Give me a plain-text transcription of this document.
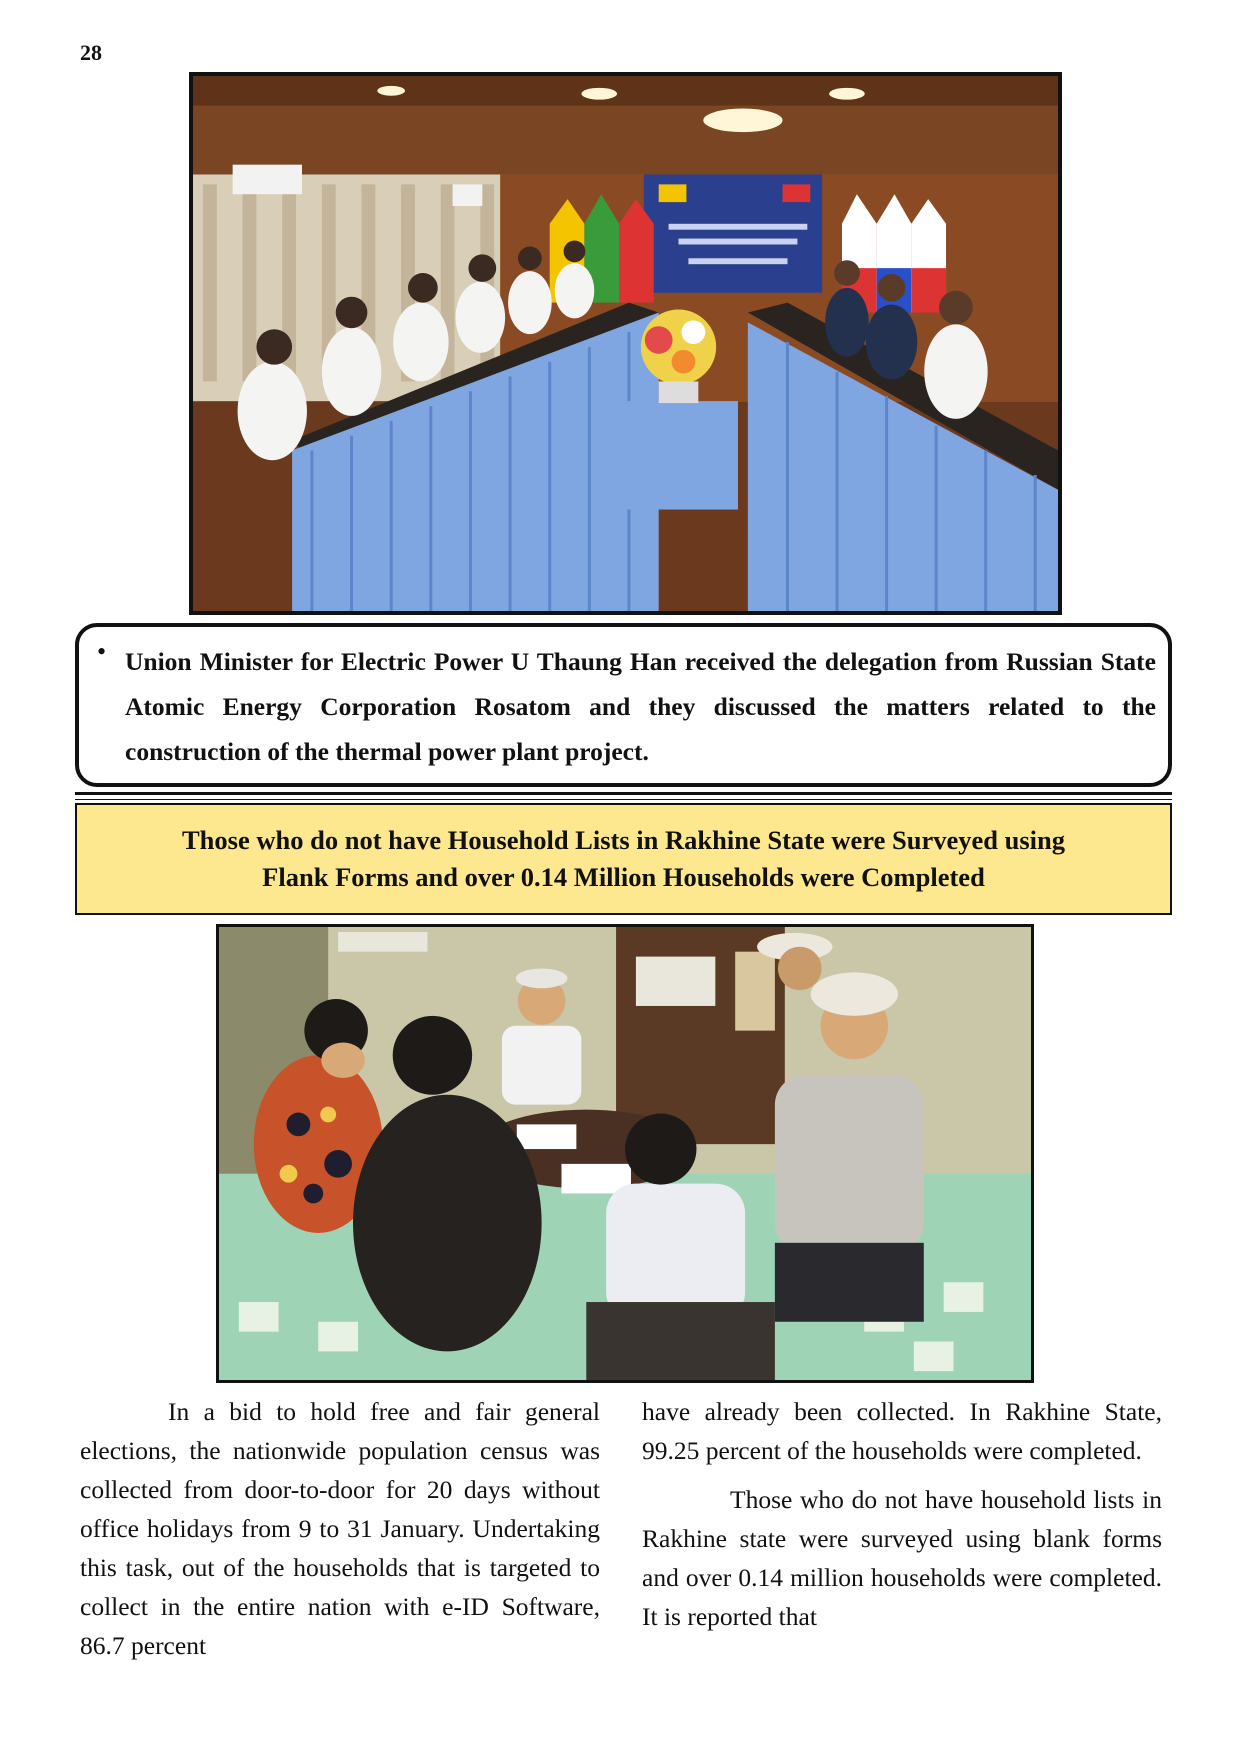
28
• Union Minister for Electric Power U Thaung Han received the delegation from Russian State Atomic Energy Corporation Rosatom and they discussed the matters related to the construction of the thermal power plant project.

Those who do not have Household Lists in Rakhine State were Surveyed using
Flank Forms and over 0.14 Million Households were Completed

In a bid to hold free and fair general elections, the nationwide population census was collected from door-to-door for 20 days without office holidays from 9 to 31 January. Undertaking this task, out of the households that is targeted to collect in the entire nation with e-ID Software, 86.7 percent

have already been collected. In Rakhine State, 99.25 percent of the households were completed.

Those who do not have household lists in Rakhine state were surveyed using blank forms and over 0.14 million households were completed. It is reported that
